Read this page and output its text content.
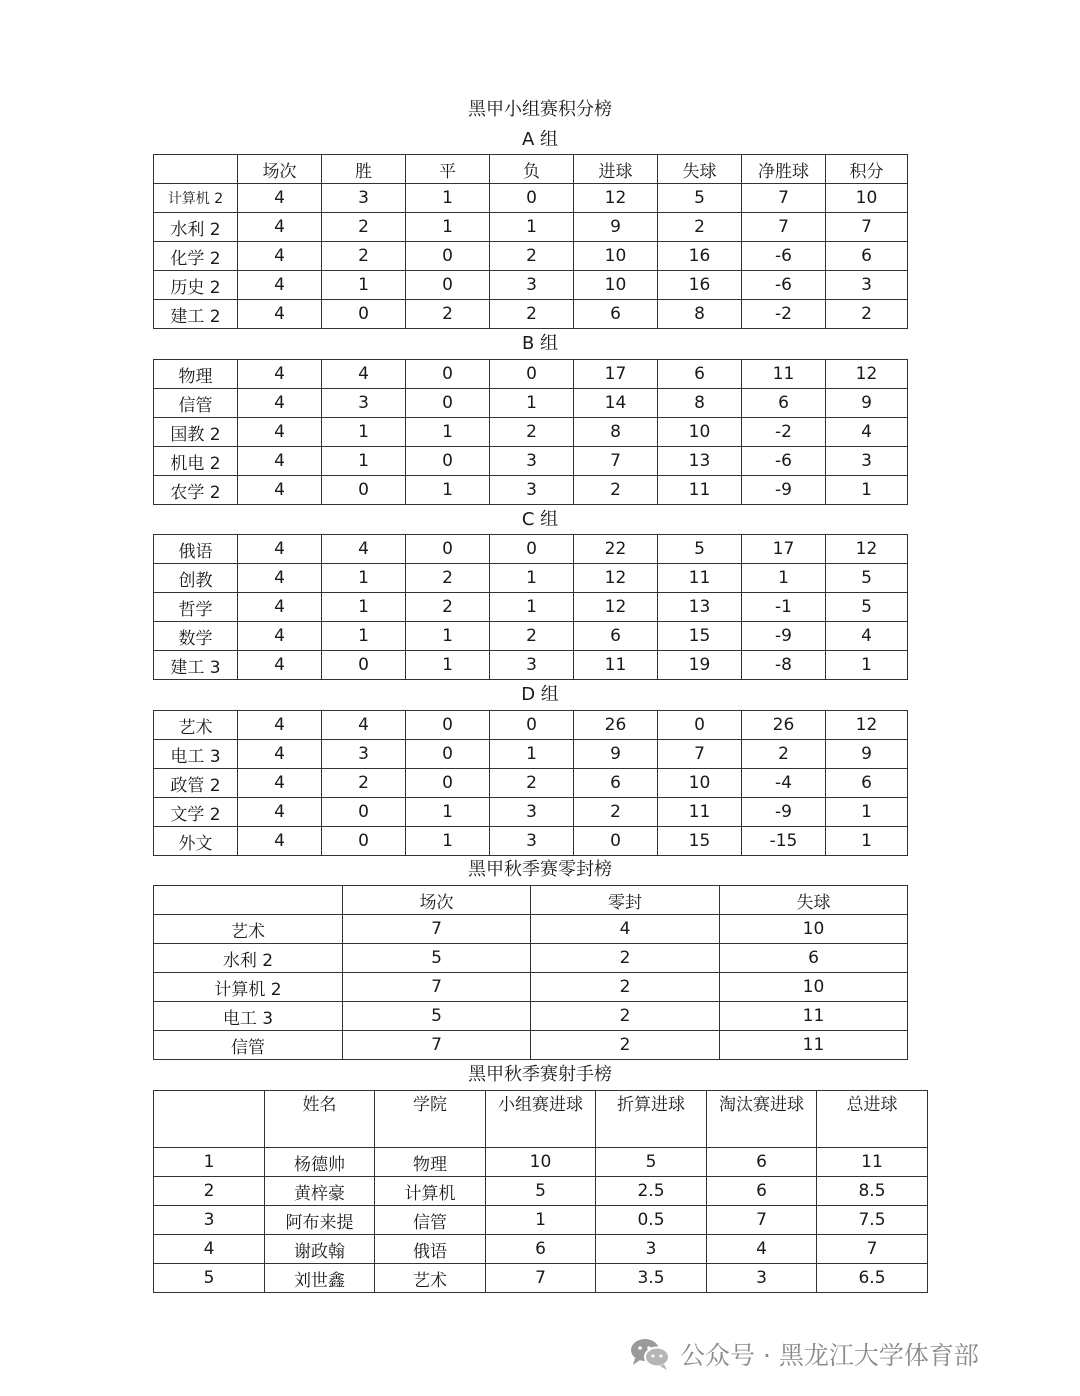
黑甲小组赛积分榜
A 组
	场次	胜	平	负	进球	失球	净胜球	积分
计算机 2	4	3	1	0	12	5	7	10
水利 2	4	2	1	1	9	2	7	7
化学 2	4	2	0	2	10	16	-6	6
历史 2	4	1	0	3	10	16	-6	3
建工 2	4	0	2	2	6	8	-2	2
B 组
物理	4	4	0	0	17	6	11	12
信管	4	3	0	1	14	8	6	9
国教 2	4	1	1	2	8	10	-2	4
机电 2	4	1	0	3	7	13	-6	3
农学 2	4	0	1	3	2	11	-9	1
C 组
俄语	4	4	0	0	22	5	17	12
创教	4	1	2	1	12	11	1	5
哲学	4	1	2	1	12	13	-1	5
数学	4	1	1	2	6	15	-9	4
建工 3	4	0	1	3	11	19	-8	1
D 组
艺术	4	4	0	0	26	0	26	12
电工 3	4	3	0	1	9	7	2	9
政管 2	4	2	0	2	6	10	-4	6
文学 2	4	0	1	3	2	11	-9	1
外文	4	0	1	3	0	15	-15	1
黑甲秋季赛零封榜
	场次	零封	失球
艺术	7	4	10
水利 2	5	2	6
计算机 2	7	2	10
电工 3	5	2	11
信管	7	2	11
黑甲秋季赛射手榜
	姓名	学院	小组赛进球	折算进球	淘汰赛进球	总进球
1	杨德帅	物理	10	5	6	11
2	黄梓豪	计算机	5	2.5	6	8.5
3	阿布来提	信管	1	0.5	7	7.5
4	谢政翰	俄语	6	3	4	7
5	刘世鑫	艺术	7	3.5	3	6.5
公众号 · 黑龙江大学体育部
